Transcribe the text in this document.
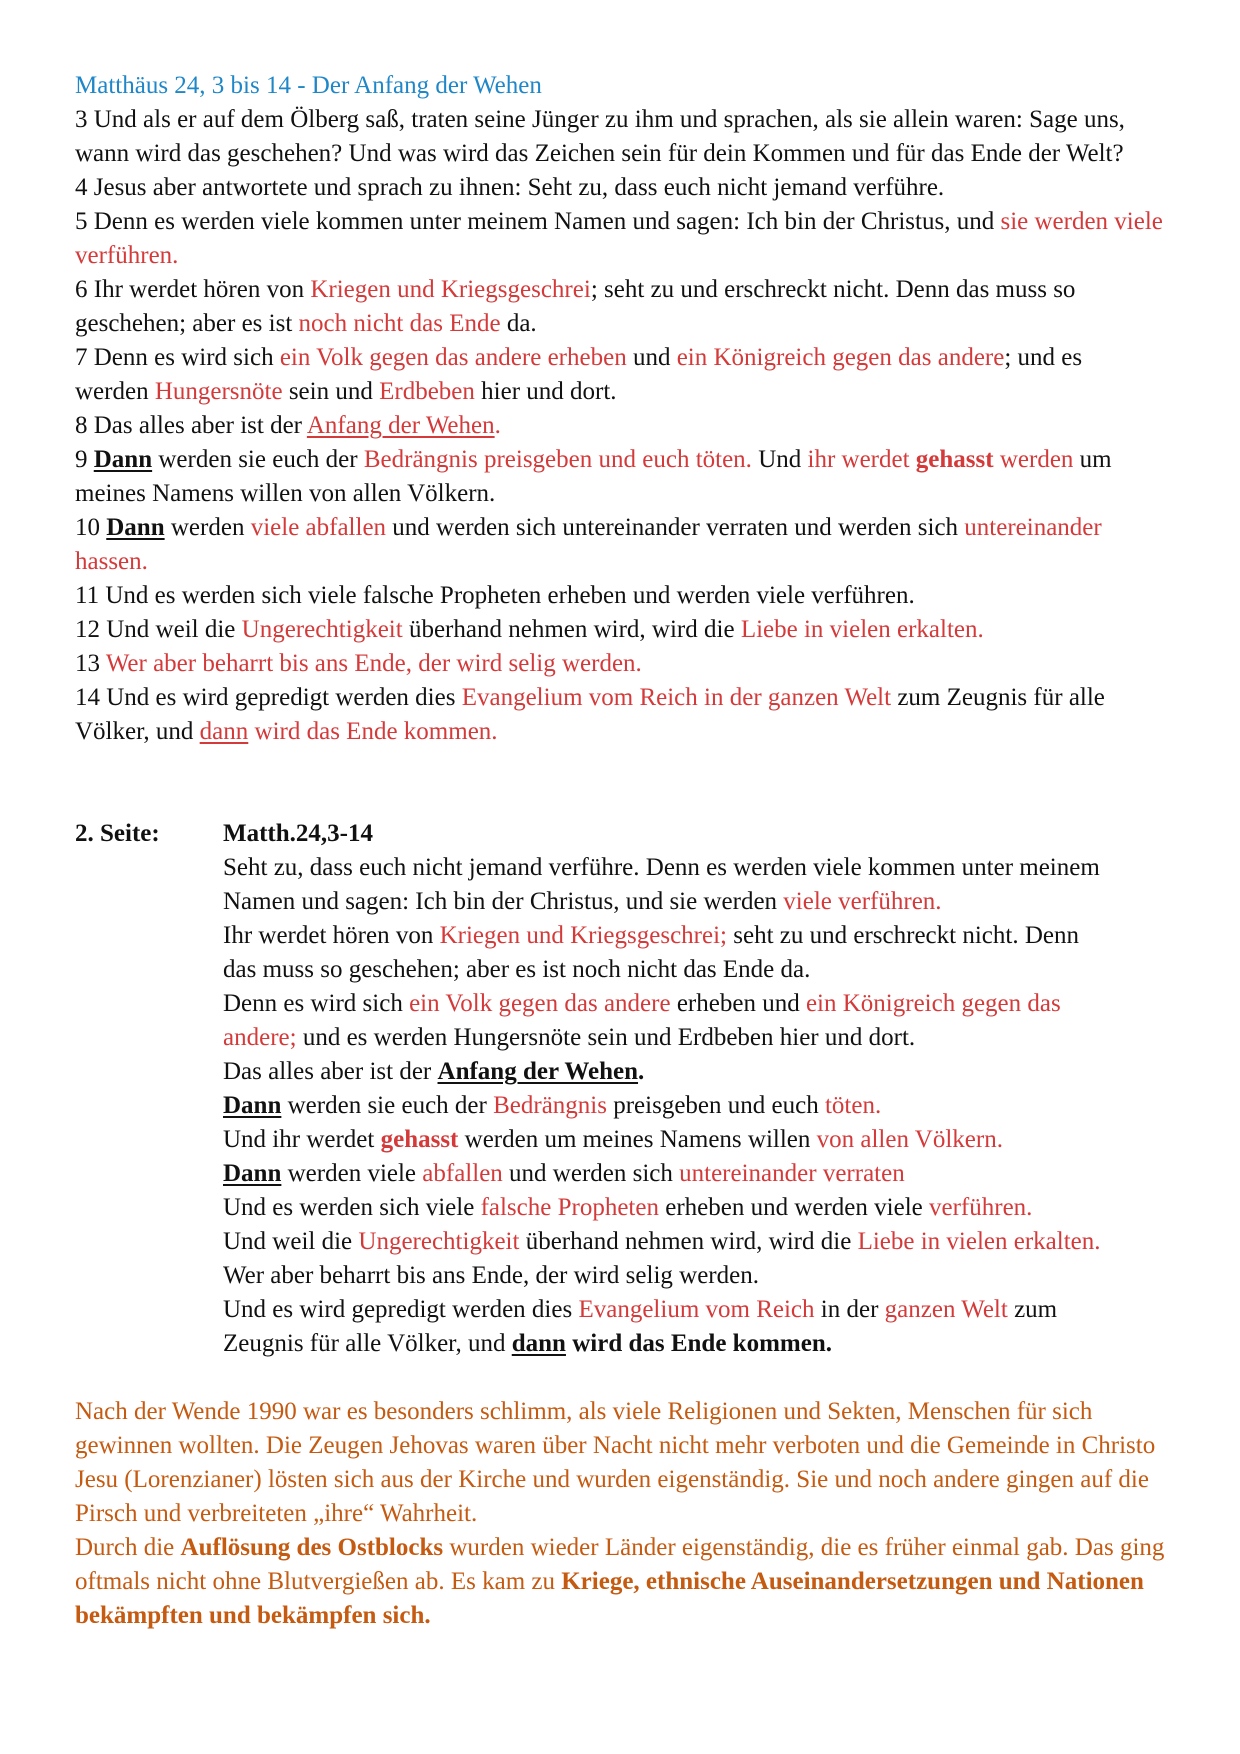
Matthäus 24, 3 bis 14 - Der Anfang der Wehen
3 Und als er auf dem Ölberg saß, traten seine Jünger zu ihm und sprachen, als sie allein waren: Sage uns,
wann wird das geschehen? Und was wird das Zeichen sein für dein Kommen und für das Ende der Welt?
4 Jesus aber antwortete und sprach zu ihnen: Seht zu, dass euch nicht jemand verführe.
5 Denn es werden viele kommen unter meinem Namen und sagen: Ich bin der Christus, und sie werden viele
verführen.
6 Ihr werdet hören von Kriegen und Kriegsgeschrei; seht zu und erschreckt nicht. Denn das muss so
geschehen; aber es ist noch nicht das Ende da.
7 Denn es wird sich ein Volk gegen das andere erheben und ein Königreich gegen das andere; und es
werden Hungersnöte sein und Erdbeben hier und dort.
8 Das alles aber ist der Anfang der Wehen.
9 Dann werden sie euch der Bedrängnis preisgeben und euch töten. Und ihr werdet gehasst werden um
meines Namens willen von allen Völkern.
10 Dann werden viele abfallen und werden sich untereinander verraten und werden sich untereinander
hassen.
11 Und es werden sich viele falsche Propheten erheben und werden viele verführen.
12 Und weil die Ungerechtigkeit überhand nehmen wird, wird die Liebe in vielen erkalten.
13 Wer aber beharrt bis ans Ende, der wird selig werden.
14 Und es wird gepredigt werden dies Evangelium vom Reich in der ganzen Welt zum Zeugnis für alle
Völker, und dann wird das Ende kommen.
2. Seite:	Matth.24,3-14
Seht zu, dass euch nicht jemand verführe. Denn es werden viele kommen unter meinem
Namen und sagen: Ich bin der Christus, und sie werden viele verführen.
Ihr werdet hören von Kriegen und Kriegsgeschrei; seht zu und erschreckt nicht. Denn
das muss so geschehen; aber es ist noch nicht das Ende da.
Denn es wird sich ein Volk gegen das andere erheben und ein Königreich gegen das
andere; und es werden Hungersnöte sein und Erdbeben hier und dort.
Das alles aber ist der Anfang der Wehen.
Dann werden sie euch der Bedrängnis preisgeben und euch töten.
Und ihr werdet gehasst werden um meines Namens willen von allen Völkern.
Dann werden viele abfallen und werden sich untereinander verraten
Und es werden sich viele falsche Propheten erheben und werden viele verführen.
Und weil die Ungerechtigkeit überhand nehmen wird, wird die Liebe in vielen erkalten.
Wer aber beharrt bis ans Ende, der wird selig werden.
Und es wird gepredigt werden dies Evangelium vom Reich in der ganzen Welt zum
Zeugnis für alle Völker, und dann wird das Ende kommen.
Nach der Wende 1990 war es besonders schlimm, als viele Religionen und Sekten, Menschen für sich
gewinnen wollten. Die Zeugen Jehovas waren über Nacht nicht mehr verboten und die Gemeinde in Christo
Jesu (Lorenzianer) lösten sich aus der Kirche und wurden eigenständig. Sie und noch andere gingen auf die
Pirsch und verbreiteten „ihre“ Wahrheit.
Durch die Auflösung des Ostblocks wurden wieder Länder eigenständig, die es früher einmal gab. Das ging
oftmals nicht ohne Blutvergießen ab. Es kam zu Kriege, ethnische Auseinandersetzungen und Nationen
bekämpften und bekämpfen sich.
